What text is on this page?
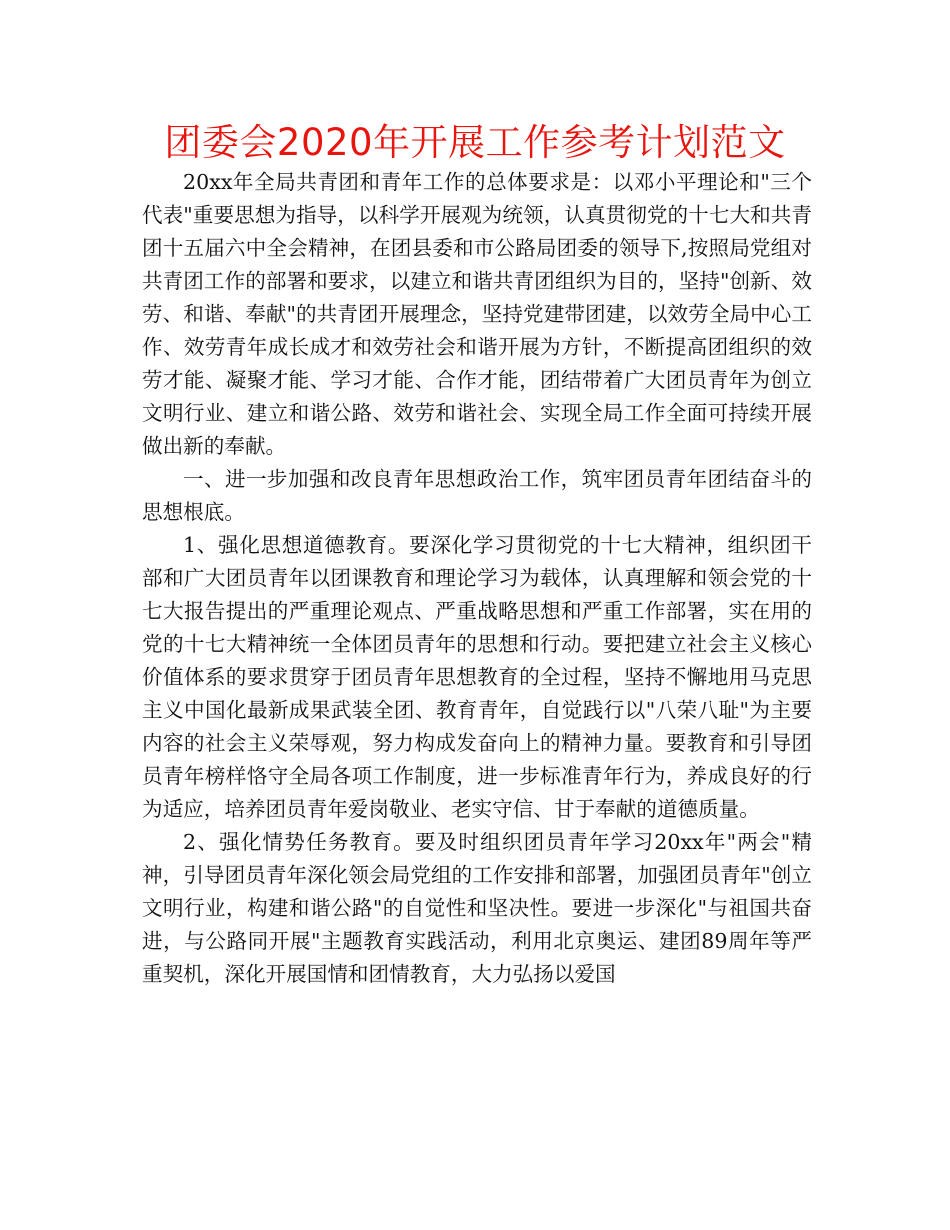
团委会2020年开展工作参考计划范文

20xx年全局共青团和青年工作的总体要求是：以邓小平理论和"三个代表"重要思想为指导，以科学开展观为统领，认真贯彻党的十七大和共青团十五届六中全会精神，在团县委和市公路局团委的领导下,按照局党组对共青团工作的部署和要求，以建立和谐共青团组织为目的，坚持"创新、效劳、和谐、奉献"的共青团开展理念，坚持党建带团建，以效劳全局中心工作、效劳青年成长成才和效劳社会和谐开展为方针，不断提高团组织的效劳才能、凝聚才能、学习才能、合作才能，团结带着广大团员青年为创立文明行业、建立和谐公路、效劳和谐社会、实现全局工作全面可持续开展做出新的奉献。

一、进一步加强和改良青年思想政治工作，筑牢团员青年团结奋斗的思想根底。

1、强化思想道德教育。要深化学习贯彻党的十七大精神，组织团干部和广大团员青年以团课教育和理论学习为载体，认真理解和领会党的十七大报告提出的严重理论观点、严重战略思想和严重工作部署，实在用的党的十七大精神统一全体团员青年的思想和行动。要把建立社会主义核心价值体系的要求贯穿于团员青年思想教育的全过程，坚持不懈地用马克思主义中国化最新成果武装全团、教育青年，自觉践行以"八荣八耻"为主要内容的社会主义荣辱观，努力构成发奋向上的精神力量。要教育和引导团员青年榜样恪守全局各项工作制度，进一步标准青年行为，养成良好的行为适应，培养团员青年爱岗敬业、老实守信、甘于奉献的道德质量。

2、强化情势任务教育。要及时组织团员青年学习20xx年"两会"精神，引导团员青年深化领会局党组的工作安排和部署，加强团员青年"创立文明行业，构建和谐公路"的自觉性和坚决性。要进一步深化"与祖国共奋进，与公路同开展"主题教育实践活动，利用北京奥运、建团89周年等严重契机，深化开展国情和团情教育，大力弘扬以爱国
